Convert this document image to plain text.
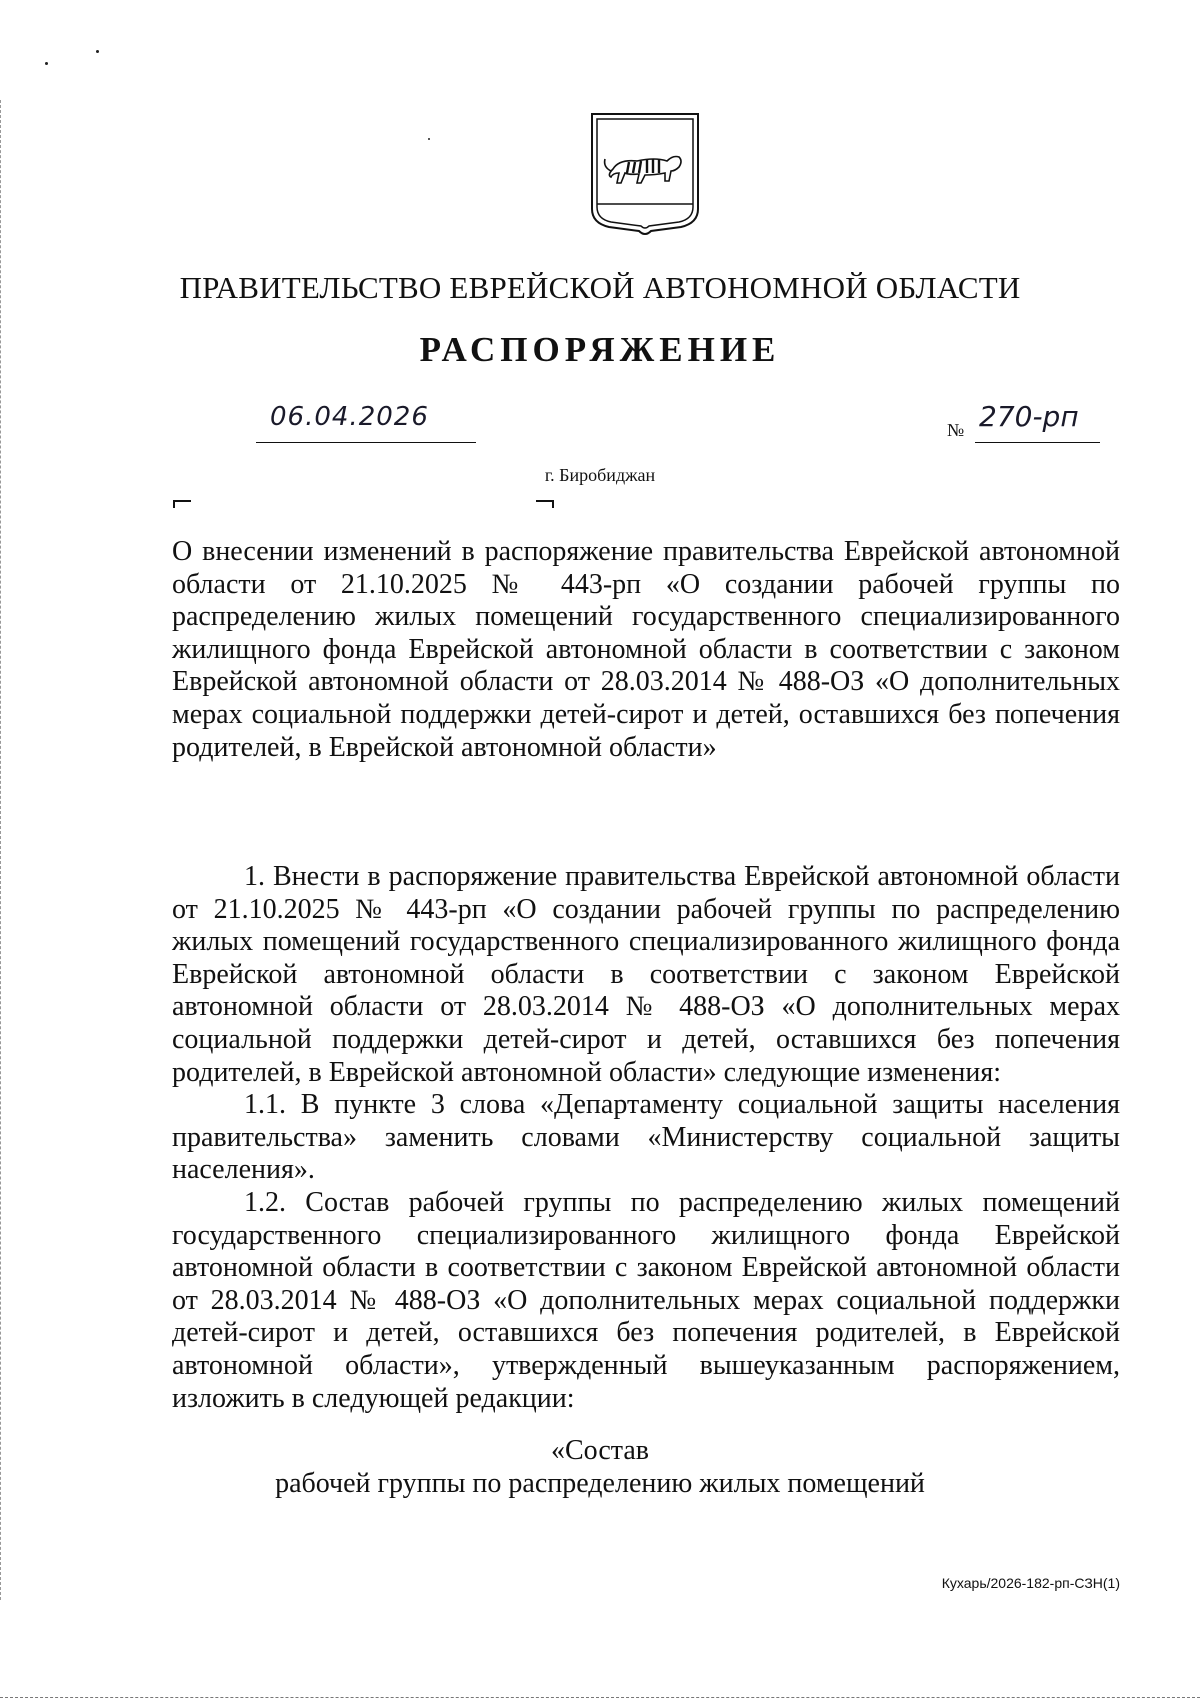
ПРАВИТЕЛЬСТВО ЕВРЕЙСКОЙ АВТОНОМНОЙ ОБЛАСТИ
РАСПОРЯЖЕНИЕ
06.04.2026	№ 270-рп
г. Биробиджан
О внесении изменений в распоряжение правительства Еврейской автономной области от 21.10.2025 № 443-рп «О создании рабочей группы по распределению жилых помещений государственного специализированного жилищного фонда Еврейской автономной области в соответствии с законом Еврейской автономной области от 28.03.2014 № 488-ОЗ «О дополнительных мерах социальной поддержки детей-сирот и детей, оставшихся без попечения родителей, в Еврейской автономной области»

1. Внести в распоряжение правительства Еврейской автономной области от 21.10.2025 № 443-рп «О создании рабочей группы по распределению жилых помещений государственного специализированного жилищного фонда Еврейской автономной области в соответствии с законом Еврейской автономной области от 28.03.2014 № 488-ОЗ «О дополнительных мерах социальной поддержки детей-сирот и детей, оставшихся без попечения родителей, в Еврейской автономной области» следующие изменения:

1.1. В пункте 3 слова «Департаменту социальной защиты населения правительства» заменить словами «Министерству социальной защиты населения».

1.2. Состав рабочей группы по распределению жилых помещений государственного специализированного жилищного фонда Еврейской автономной области в соответствии с законом Еврейской автономной области от 28.03.2014 № 488-ОЗ «О дополнительных мерах социальной поддержки детей-сирот и детей, оставшихся без попечения родителей, в Еврейской автономной области», утвержденный вышеуказанным распоряжением, изложить в следующей редакции:

«Состав
рабочей группы по распределению жилых помещений
Кухарь/2026-182-рп-СЗН(1)
